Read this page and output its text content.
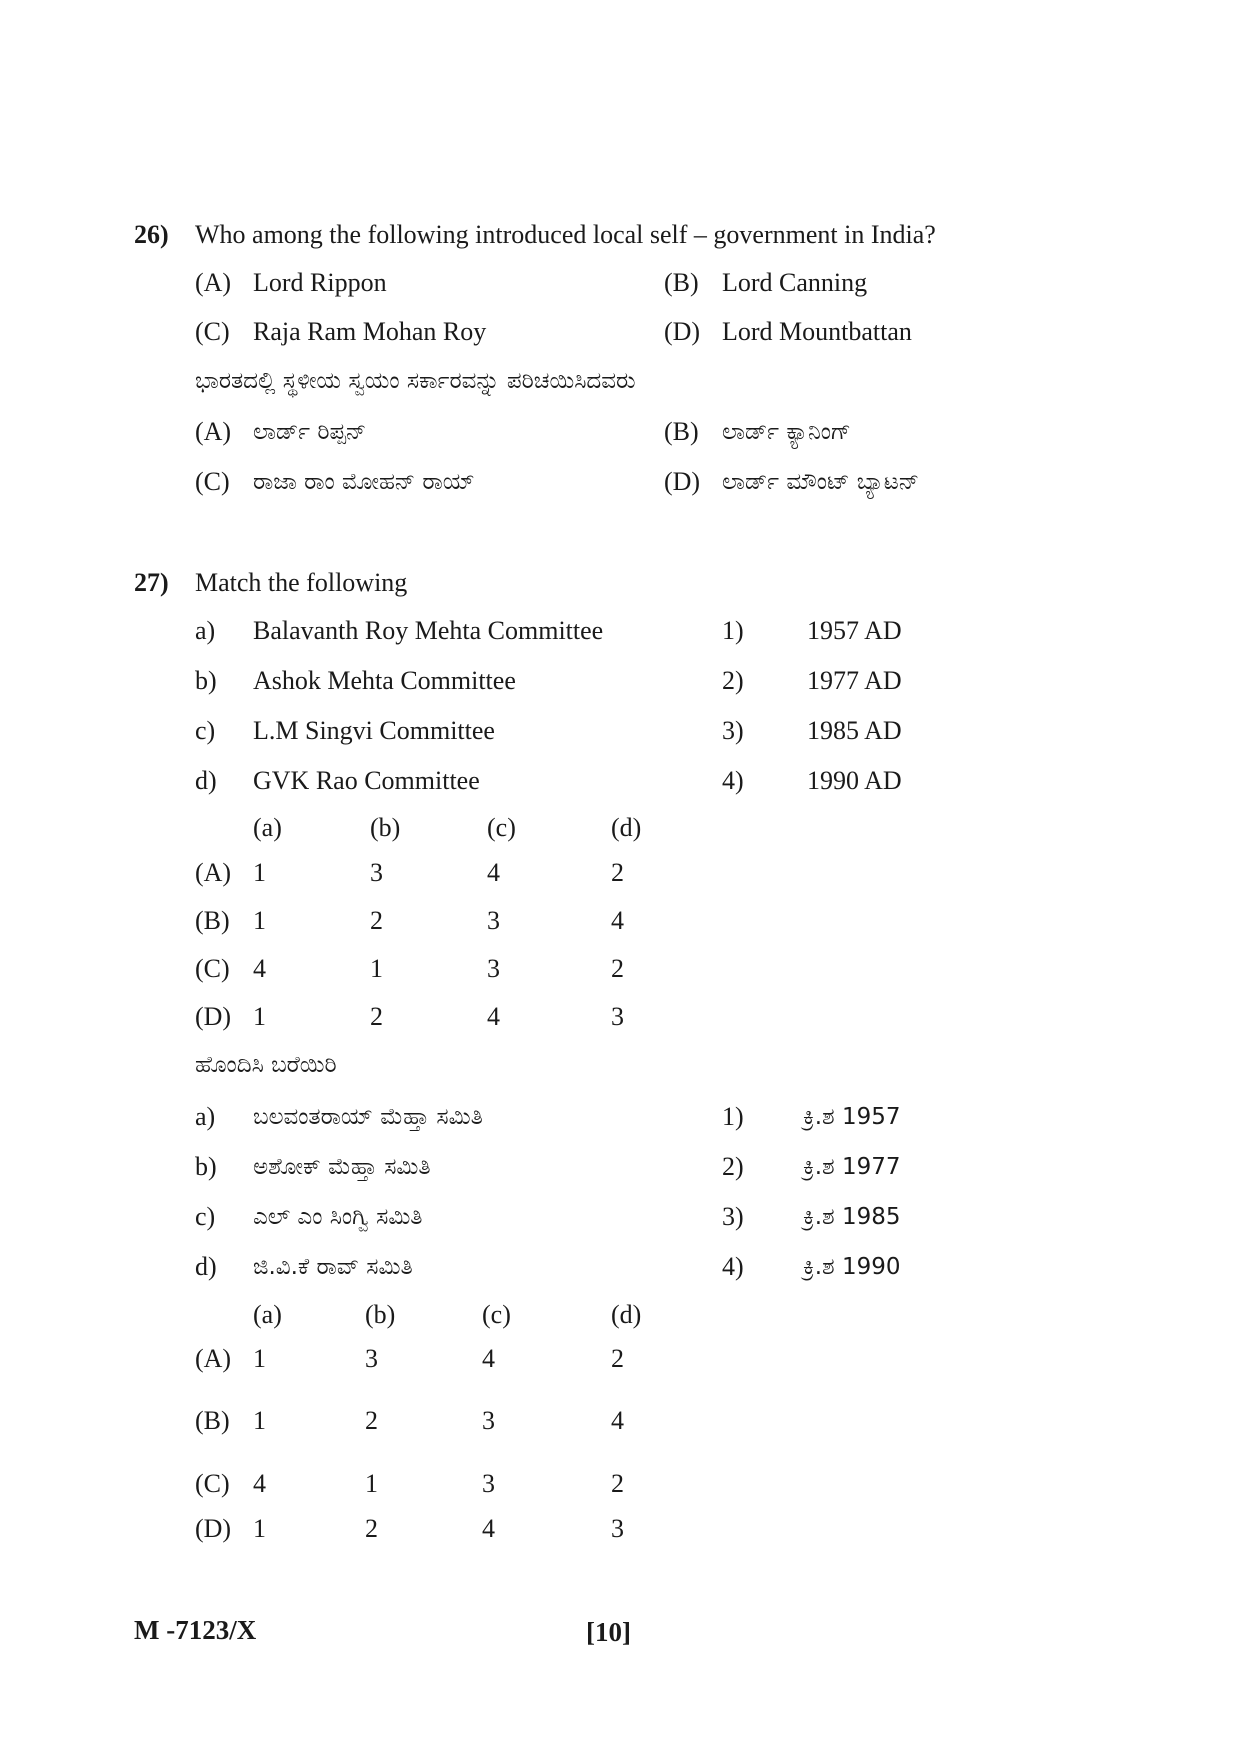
26) Who among the following introduced local self – government in India?
(A) Lord Rippon	(B) Lord Canning
(C) Raja Ram Mohan Roy	(D) Lord Mountbattan
ಭಾರತದಲ್ಲಿ ಸ್ಥಳೀಯ ಸ್ವಯಂ ಸರ್ಕಾರವನ್ನು ಪರಿಚಯಿಸಿದವರು
(A) ಲಾರ್ಡ್ ರಿಪ್ಪನ್	(B) ಲಾರ್ಡ್ ಕ್ಯಾನಿಂಗ್
(C) ರಾಜಾ ರಾಂ ಮೋಹನ್ ರಾಯ್	(D) ಲಾರ್ಡ್ ಮೌಂಟ್ ಬ್ಯಾಟನ್
27) Match the following
a) Balavanth Roy Mehta Committee	1) 1957 AD
b) Ashok Mehta Committee	2) 1977 AD
c) L.M Singvi Committee	3) 1985 AD
d) GVK Rao Committee	4) 1990 AD
(a)	(b)	(c)	(d)
(A) 1	3	4	2
(B) 1	2	3	4
(C) 4	1	3	2
(D) 1	2	4	3
ಹೊಂದಿಸಿ ಬರೆಯಿರಿ
a) ಬಲವಂತರಾಯ್ ಮೆಹ್ತಾ ಸಮಿತಿ	1)	ಕ್ರಿ.ಶ 1957
b) ಅಶೋಕ್ ಮೆಹ್ತಾ ಸಮಿತಿ	2)	ಕ್ರಿ.ಶ 1977
c) ಎಲ್ ಎಂ ಸಿಂಗ್ವಿ ಸಮಿತಿ	3)	ಕ್ರಿ.ಶ 1985
d) ಜಿ.ವಿ.ಕೆ ರಾವ್ ಸಮಿತಿ	4)	ಕ್ರಿ.ಶ 1990
(a)	(b)	(c)	(d)
(A) 1	3	4	2
(B) 1	2	3	4
(C) 4	1	3	2
(D) 1	2	4	3
M -7123/X	[10]
